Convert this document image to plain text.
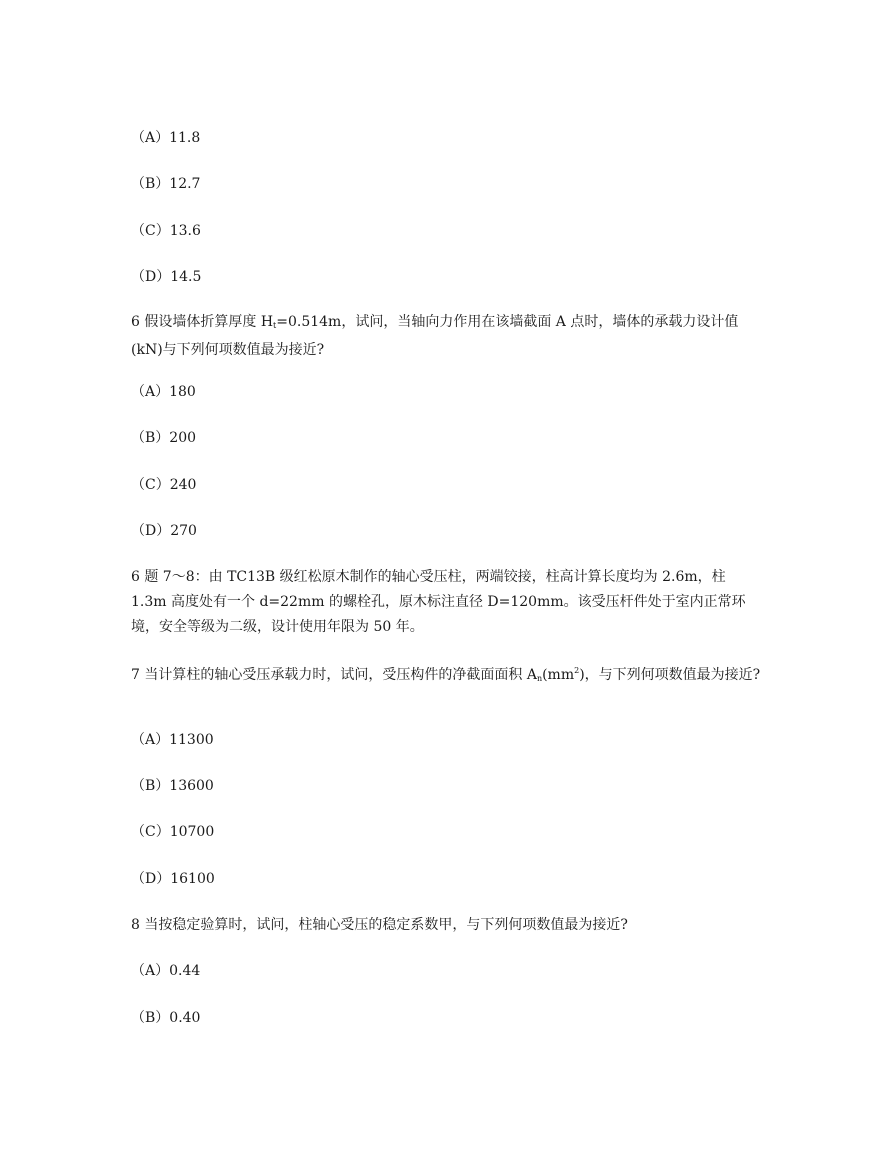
（A）11.8
（B）12.7
（C）13.6
（D）14.5
6 假设墙体折算厚度 $H_t=0.514m$，试问，当轴向力作用在该墙截面 A 点时，墙体的承载力设计值(kN)与下列何项数值最为接近?
（A）180
（B）200
（C）240
（D）270
6 题 7～8：由 TC13B 级红松原木制作的轴心受压柱，两端铰接，柱高计算长度均为 2.6m，柱 1.3m 高度处有一个 d=22mm 的螺栓孔，原木标注直径 D=120mm。该受压杆件处于室内正常环境，安全等级为二级，设计使用年限为 50 年。
7 当计算柱的轴心受压承载力时，试问，受压构件的净截面面积 $A_n(mm^2)$，与下列何项数值最为接近?
（A）11300
（B）13600
（C）10700
（D）16100
8 当按稳定验算时，试问，柱轴心受压的稳定系数甲，与下列何项数值最为接近?
（A）0.44
（B）0.40
